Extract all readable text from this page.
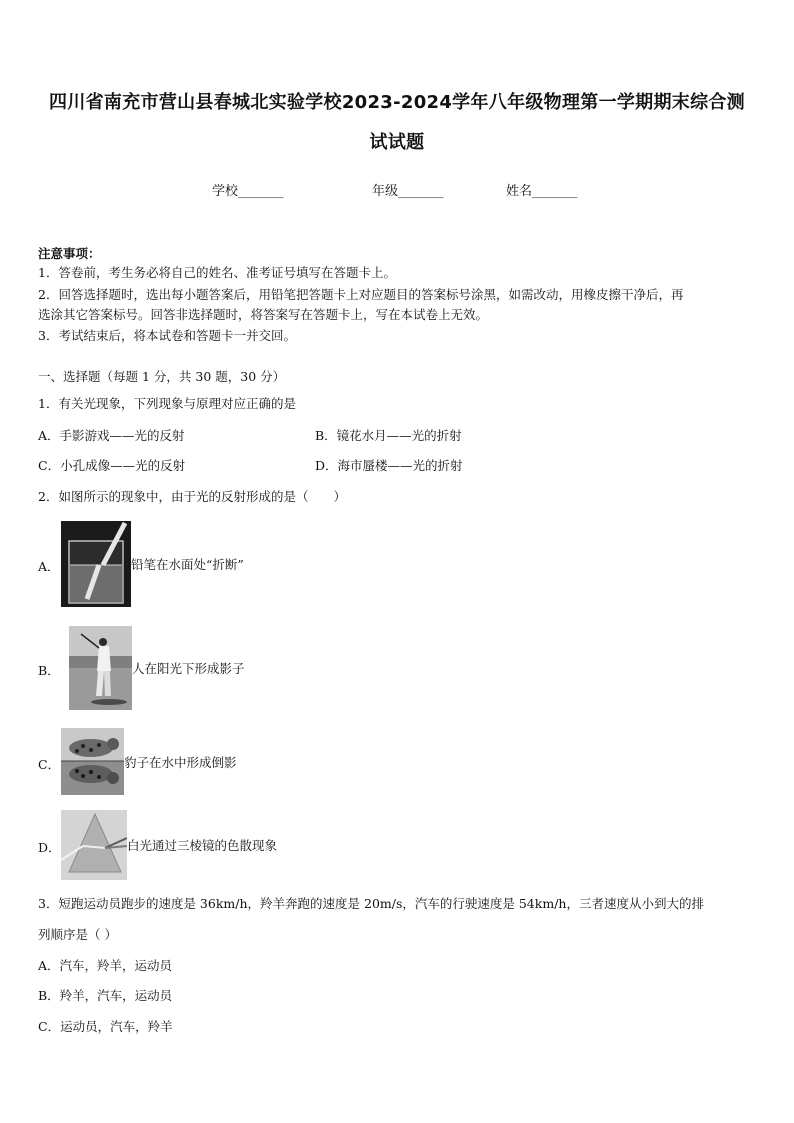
四川省南充市营山县春城北实验学校2023-2024学年八年级物理第一学期期末综合测
试试题
学校_______	年级_______	姓名_______
注意事项：
1．答卷前，考生务必将自己的姓名、准考证号填写在答题卡上。
2．回答选择题时，选出每小题答案后，用铅笔把答题卡上对应题目的答案标号涂黑，如需改动，用橡皮擦干净后，再
选涂其它答案标号。回答非选择题时，将答案写在答题卡上，写在本试卷上无效。
3．考试结束后，将本试卷和答题卡一并交回。
一、选择题（每题 1 分，共 30 题，30 分）
1．有关光现象，下列现象与原理对应正确的是
A．手影游戏——光的反射	B．镜花水月——光的折射
C．小孔成像——光的反射	D．海市蜃楼——光的折射
2．如图所示的现象中，由于光的反射形成的是（　　）
A．	铅笔在水面处“折断”
B．	人在阳光下形成影子
C．	豹子在水中形成倒影
D．	白光通过三棱镜的色散现象
3．短跑运动员跑步的速度是 36km/h，羚羊奔跑的速度是 20m/s，汽车的行驶速度是 54km/h，三者速度从小到大的排
列顺序是（ ）
A．汽车，羚羊，运动员
B．羚羊，汽车，运动员
C．运动员，汽车，羚羊
